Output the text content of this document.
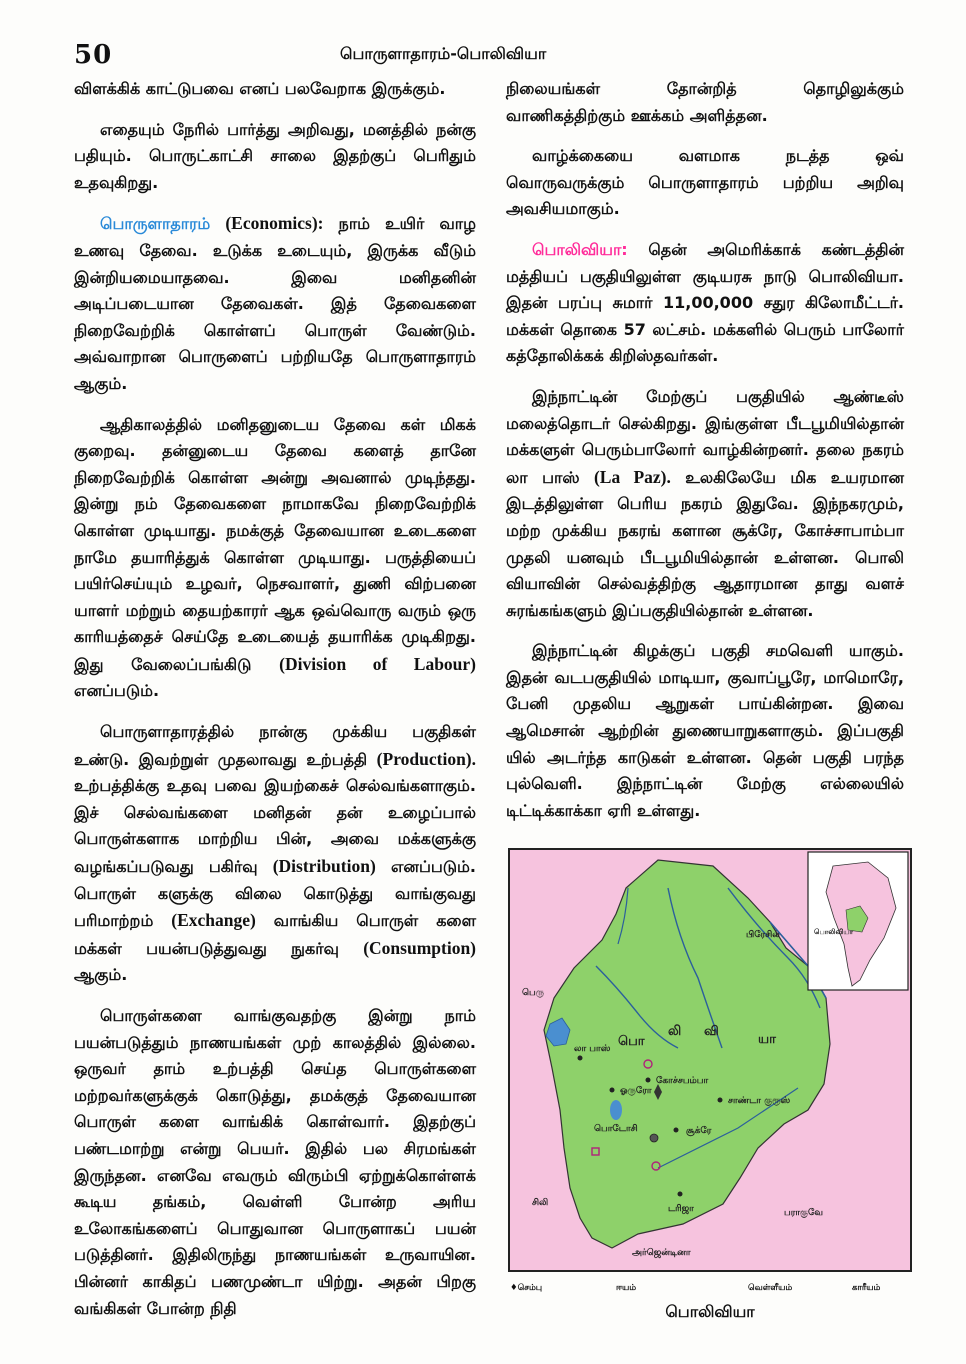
50	பொருளாதாரம்-பொலிவியா

விளக்கிக் காட்டுபவை எனப் பலவேறாக இருக்கும்.

எதையும் நேரில் பார்த்து அறிவது, மனத்தில் நன்கு பதியும். பொருட்காட்சி சாலை இதற்குப் பெரிதும் உதவுகிறது.

பொருளாதாரம் (Economics): நாம் உயிர் வாழ உணவு தேவை. உடுக்க உடையும், இருக்க வீடும் இன்றியமையாதவை. இவை மனிதனின் அடிப்படையான தேவைகள். இத் தேவைகளை நிறைவேற்றிக் கொள்ளப் பொருள் வேண்டும். அவ்வாறான பொருளைப் பற்றியதே பொருளாதாரம் ஆகும்.

ஆதிகாலத்தில் மனிதனுடைய தேவை கள் மிகக் குறைவு. தன்னுடைய தேவை களைத் தானே நிறைவேற்றிக் கொள்ள அன்று அவனால் முடிந்தது. இன்று நம் தேவைகளை நாமாகவே நிறைவேற்றிக் கொள்ள முடியாது. நமக்குத் தேவையான உடைகளை நாமே தயாரித்துக் கொள்ள முடியாது. பருத்தியைப் பயிர்செய்யும் உழவர், நெசவாளர், துணி விற்பனை யாளர் மற்றும் தையற்காரர் ஆக ஒவ்வொரு வரும் ஒரு காரியத்தைச் செய்தே உடையைத் தயாரிக்க முடிகிறது. இது வேலைப்பங்கிடு (Division of Labour) எனப்படும்.

பொருளாதாரத்தில் நான்கு முக்கிய பகுதிகள் உண்டு. இவற்றுள் முதலாவது உற்பத்தி (Production). உற்பத்திக்கு உதவு பவை இயற்கைச் செல்வங்களாகும். இச் செல்வங்களை மனிதன் தன் உழைப்பால் பொருள்களாக மாற்றிய பின், அவை மக்களுக்கு வழங்கப்படுவது பகிர்வு (Distribution) எனப்படும். பொருள் களுக்கு விலை கொடுத்து வாங்குவது பரிமாற்றம் (Exchange) வாங்கிய பொருள் களை மக்கள் பயன்படுத்துவது நுகர்வு (Consumption) ஆகும்.

பொருள்களை வாங்குவதற்கு இன்று நாம் பயன்படுத்தும் நாணயங்கள் முற் காலத்தில் இல்லை. ஒருவர் தாம் உற்பத்தி செய்த பொருள்களை மற்றவர்களுக்குக் கொடுத்து, தமக்குத் தேவையான பொருள் களை வாங்கிக் கொள்வார். இதற்குப் பண்டமாற்று என்று பெயர். இதில் பல சிரமங்கள் இருந்தன. எனவே எவரும் விரும்பி ஏற்றுக்கொள்ளக் கூடிய தங்கம், வெள்ளி போன்ற அரிய உலோகங்களைப் பொதுவான பொருளாகப் பயன் படுத்தினர். இதிலிருந்து நாணயங்கள் உருவாயின. பின்னர் காகிதப் பணமுண்டா யிற்று. அதன் பிறகு வங்கிகள் போன்ற நிதி

நிலையங்கள் தோன்றித் தொழிலுக்கும் வாணிகத்திற்கும் ஊக்கம் அளித்தன.

வாழ்க்கையை வளமாக நடத்த ஒவ் வொருவருக்கும் பொருளாதாரம் பற்றிய அறிவு அவசியமாகும்.

பொலிவியா: தென் அமெரிக்காக் கண்டத்தின் மத்தியப் பகுதியிலுள்ள குடியரசு நாடு பொலிவியா. இதன் பரப்பு சுமார் 11,00,000 சதுர கிலோமீட்டர். மக்கள் தொகை 57 லட்சம். மக்களில் பெரும் பாலோர் கத்தோலிக்கக் கிறிஸ்தவர்கள்.

இந்நாட்டின் மேற்குப் பகுதியில் ஆண்டீஸ் மலைத்தொடர் செல்கிறது. இங்குள்ள பீடபூமியில்தான் மக்களுள் பெரும்பாலோர் வாழ்கின்றனர். தலை நகரம் லா பாஸ் (La Paz). உலகிலேயே மிக உயரமான இடத்திலுள்ள பெரிய நகரம் இதுவே. இந்நகரமும், மற்ற முக்கிய நகரங் களான சூக்ரே, கோச்சாபாம்பா முதலி யனவும் பீடபூமியில்தான் உள்ளன. பொலி வியாவின் செல்வத்திற்கு ஆதாரமான தாது வளச் சுரங்கங்களும் இப்பகுதியில்தான் உள்ளன.

இந்நாட்டின் கிழக்குப் பகுதி சமவெளி யாகும். இதன் வடபகுதியில் மாடியா, குவாப்பூரே, மாமொரே, பேனி முதலிய ஆறுகள் பாய்கின்றன. இவை ஆமெசான் ஆற்றின் துணையாறுகளாகும். இப்பகுதி யில் அடர்ந்த காடுகள் உள்ளன. தென் பகுதி பரந்த புல்வெளி. இந்நாட்டின் மேற்கு எல்லையில் டிட்டிக்காக்கா ஏரி உள்ளது.

பிரேசில்
பெரு
சிலி
பராகுவே
அர்ஜென்டினா
பொ
லி வி
யா
லா பாஸ்
கோச்சபம்பா
சாண்டா குரூஸ்
சூக்ரே
பொடோசி
ஓருரோ
டரிஜா
பொலிவியா
♦செம்பு	ஈயம்	வெள்ளீயம்	காரீயம்
பொலிவியா
